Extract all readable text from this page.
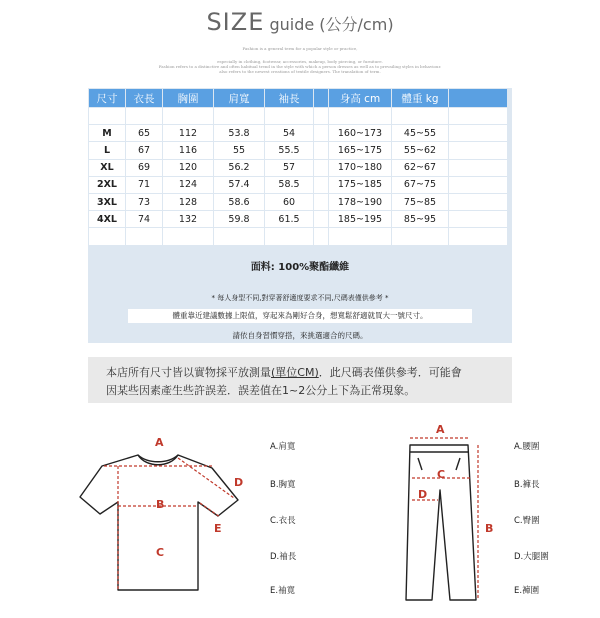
SIZE guide (公分/cm)
Fashion is a general term for a popular style or practice,
especially in clothing, footwear, accessories, makeup, body piercing, or furniture.
Fashion refers to a distinctive and often habitual trend in the style with which a person dresses as well as to prevailing styles in behaviour.
also refers to the newest creations of textile designers. The translation of term.
尺寸	衣長	胸圍	肩寬	袖長		身高 cm	體重 kg	

M	65	112	53.8	54		160~173	45~55	
L	67	116	55	55.5		165~175	55~62	
XL	69	120	56.2	57		170~180	62~67	
2XL	71	124	57.4	58.5		175~185	67~75	
3XL	73	128	58.6	60		178~190	75~85	
4XL	74	132	59.8	61.5		185~195	85~95	

面料: 100%聚酯纖維
* 每人身型不同,對穿著舒適度要求不同,尺碼表僅供參考 *
體重靠近建議數據上限值，穿起來為剛好合身，想寬鬆舒適就買大一號尺寸。
請依自身習慣穿搭，來挑選適合的尺碼。
本店所有尺寸皆以實物採平放測量(單位CM)．此尺碼表僅供參考．可能會
因某些因素產生些許誤差．誤差值在1~2公分上下為正常現象。
A
B
C
D
E
A
B
C
D
A.肩寬
B.胸寬
C.衣長
D.袖長
E.袖寬
A.腰圍
B.褲長
C.臀圍
D.大腿圍
E.褲圍
